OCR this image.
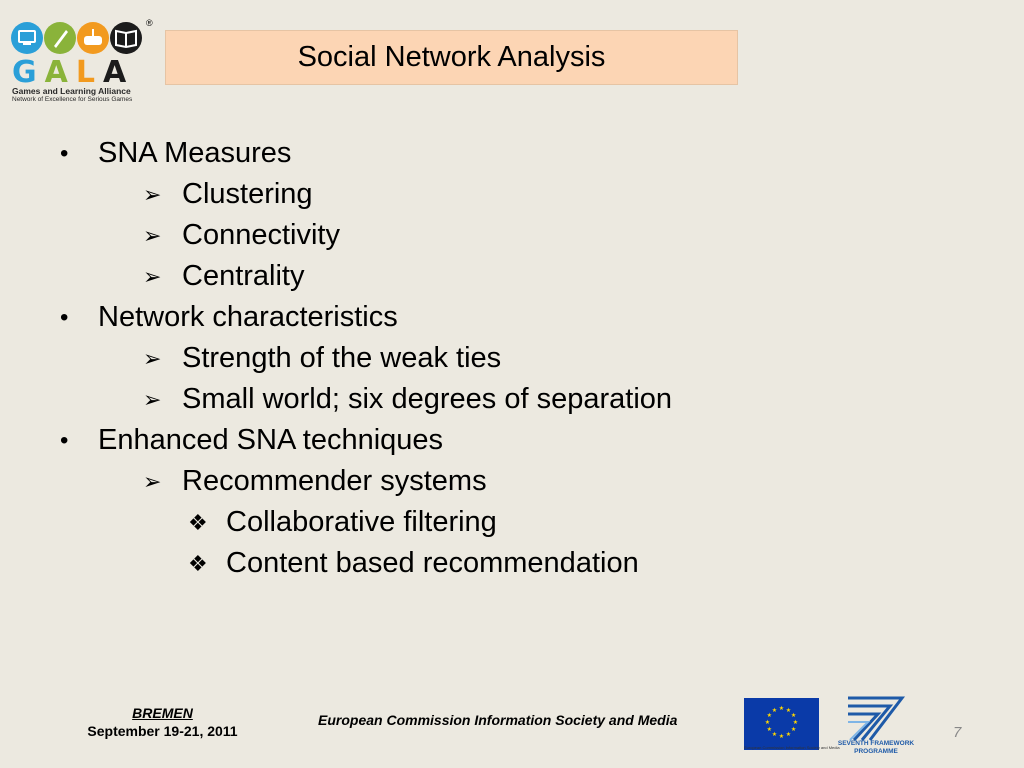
GALA
Games and Learning Alliance
Network of Excellence for Serious Games
®
Social Network Analysis
• SNA Measures
➢ Clustering
➢ Connectivity
➢ Centrality
• Network characteristics
➢ Strength of the weak ties
➢ Small world; six degrees of separation
• Enhanced SNA techniques
➢ Recommender systems
❖ Collaborative filtering
❖ Content based recommendation
BREMEN
September 19-21, 2011
European Commission Information Society and Media
★ ★
★
★
★
★
★
★
★
★
★
★
European Commission Information Society and Media
SEVENTH FRAMEWORK
PROGRAMME
7
